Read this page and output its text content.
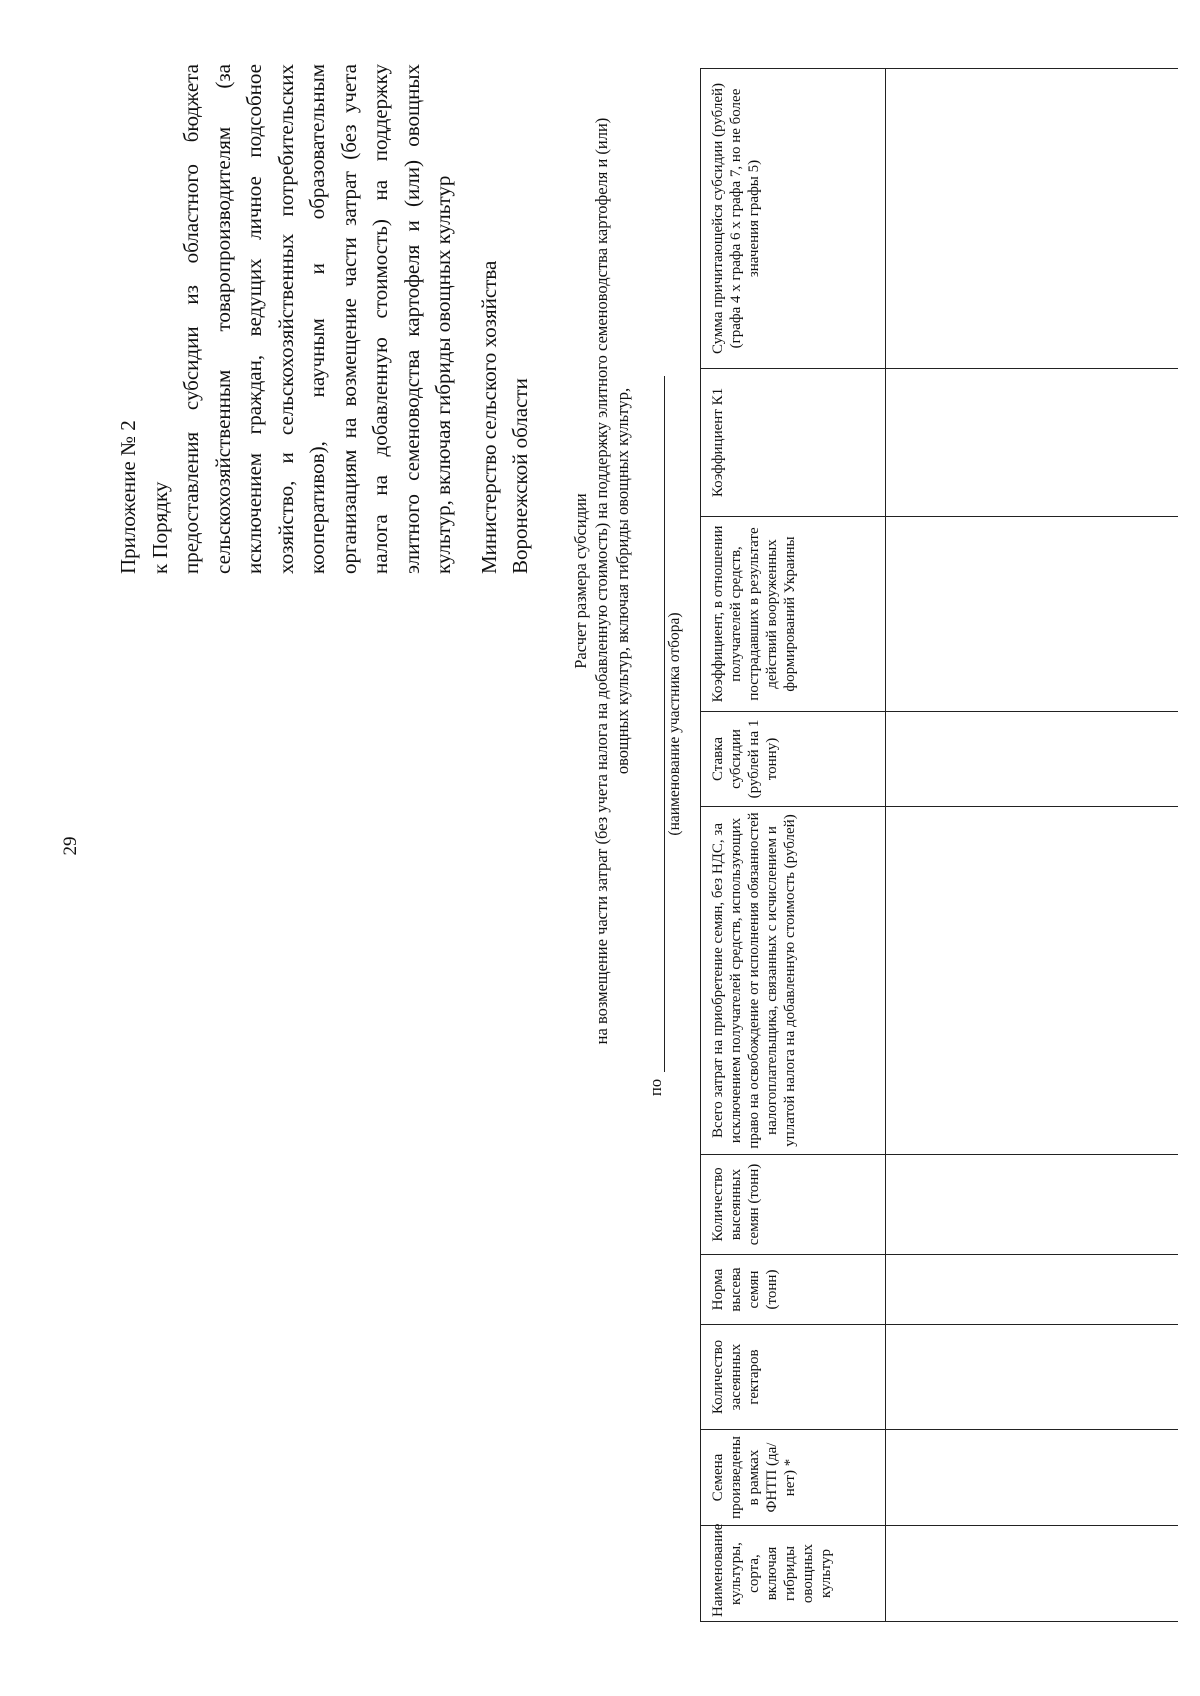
29
Приложение № 2 к Порядку предоставления субсидии из областного бюджета сельскохозяйственным товаропроизводителям (за исключением граждан, ведущих личное подсобное хозяйство, и сельскохозяйственных потребительских кооперативов), научным и образовательным организациям на возмещение части затрат (без учета налога на добавленную стоимость) на поддержку элитного семеноводства картофеля и (или) овощных культур, включая гибриды овощных культур Министерство сельского хозяйства Воронежской области
Расчет размера субсидии на возмещение части затрат (без учета налога на добавленную стоимость) на поддержку элитного семеноводства картофеля и (или) овощных культур, включая гибриды овощных культур,
по
(наименование участника отбора)
Наименование культуры, сорта, включая гибриды овощных культур	Семена произведены в рамках ФНТП (да/нет) *	Количество засеянных гектаров	Норма высева семян (тонн)	Количество высеянных семян (тонн)	Всего затрат на приобретение семян, без НДС, за исключением получателей средств, использующих право на освобождение от исполнения обязанностей налогоплательщика, связанных с исчислением и уплатой налога на добавленную стоимость (рублей)	Ставка субсидии (рублей на 1 тонну)	Коэффициент, в отношении получателей средств, пострадавших в результате действий вооруженных формирований Украины	Коэффициент К1	Сумма причитающейся субсидии (рублей) (графа 4 х графа 6 х графа 7, но не более значения графы 5)
